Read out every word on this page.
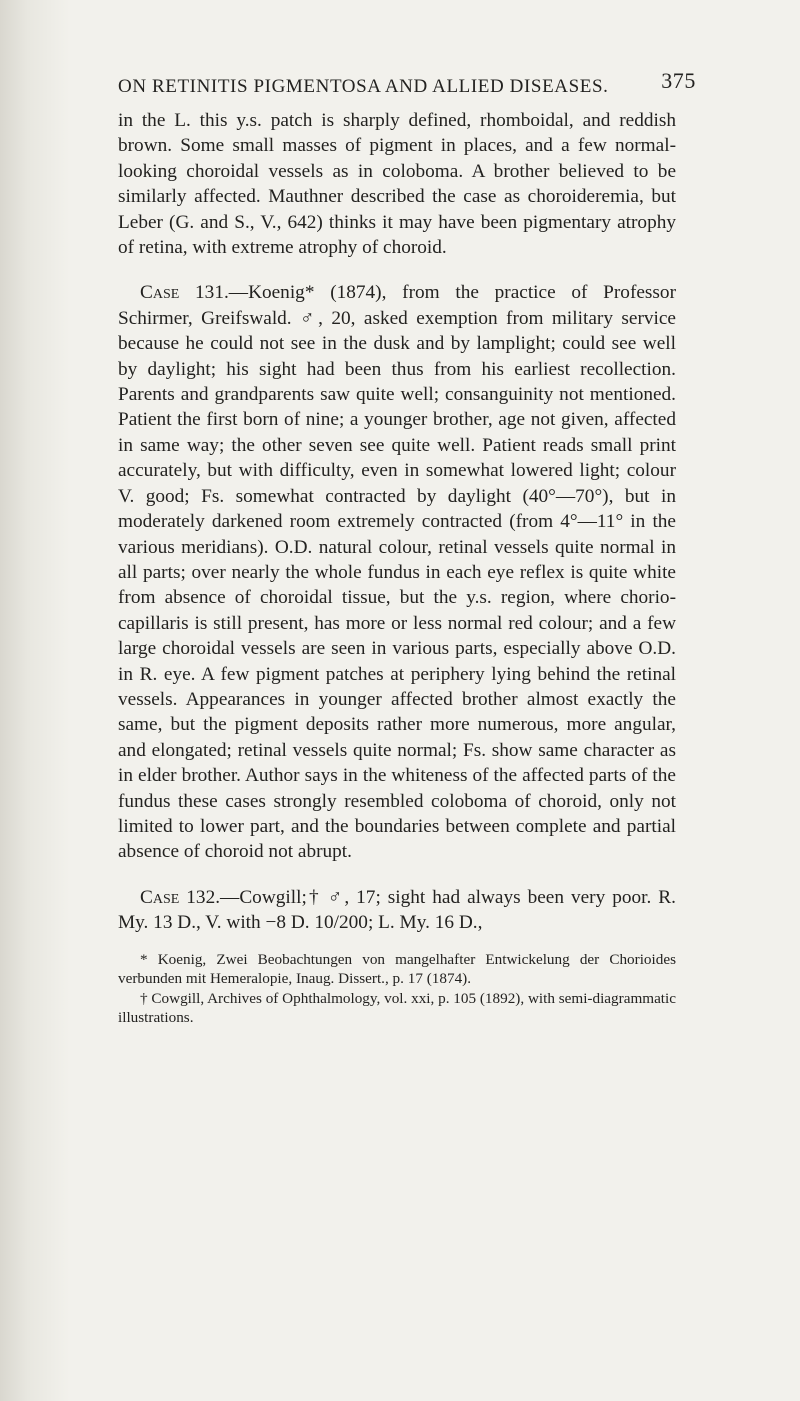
ON RETINITIS PIGMENTOSA AND ALLIED DISEASES. 375

in the L. this y.s. patch is sharply defined, rhomboidal, and reddish brown. Some small masses of pigment in places, and a few normal-looking choroidal vessels as in coloboma. A brother believed to be similarly affected. Mauthner described the case as choroideremia, but Leber (G. and S., V., 642) thinks it may have been pigmentary atrophy of retina, with extreme atrophy of choroid.

Case 131.—Koenig* (1874), from the practice of Professor Schirmer, Greifswald. ♂, 20, asked exemption from military service because he could not see in the dusk and by lamplight; could see well by daylight; his sight had been thus from his earliest recollection. Parents and grandparents saw quite well; consanguinity not mentioned. Patient the first born of nine; a younger brother, age not given, affected in same way; the other seven see quite well. Patient reads small print accurately, but with difficulty, even in somewhat lowered light; colour V. good; Fs. somewhat contracted by daylight (40°—70°), but in moderately darkened room extremely contracted (from 4°—11° in the various meridians). O.D. natural colour, retinal vessels quite normal in all parts; over nearly the whole fundus in each eye reflex is quite white from absence of choroidal tissue, but the y.s. region, where chorio-capillaris is still present, has more or less normal red colour; and a few large choroidal vessels are seen in various parts, especially above O.D. in R. eye. A few pigment patches at periphery lying behind the retinal vessels. Appearances in younger affected brother almost exactly the same, but the pigment deposits rather more numerous, more angular, and elongated; retinal vessels quite normal; Fs. show same character as in elder brother. Author says in the whiteness of the affected parts of the fundus these cases strongly resembled coloboma of choroid, only not limited to lower part, and the boundaries between complete and partial absence of choroid not abrupt.

Case 132.—Cowgill;† ♂, 17; sight had always been very poor. R. My. 13 D., V. with −8 D. 10/200; L. My. 16 D.,

* Koenig, Zwei Beobachtungen von mangelhafter Entwickelung der Chorioides verbunden mit Hemeralopie, Inaug. Dissert., p. 17 (1874).

† Cowgill, Archives of Ophthalmology, vol. xxi, p. 105 (1892), with semi-diagrammatic illustrations.
